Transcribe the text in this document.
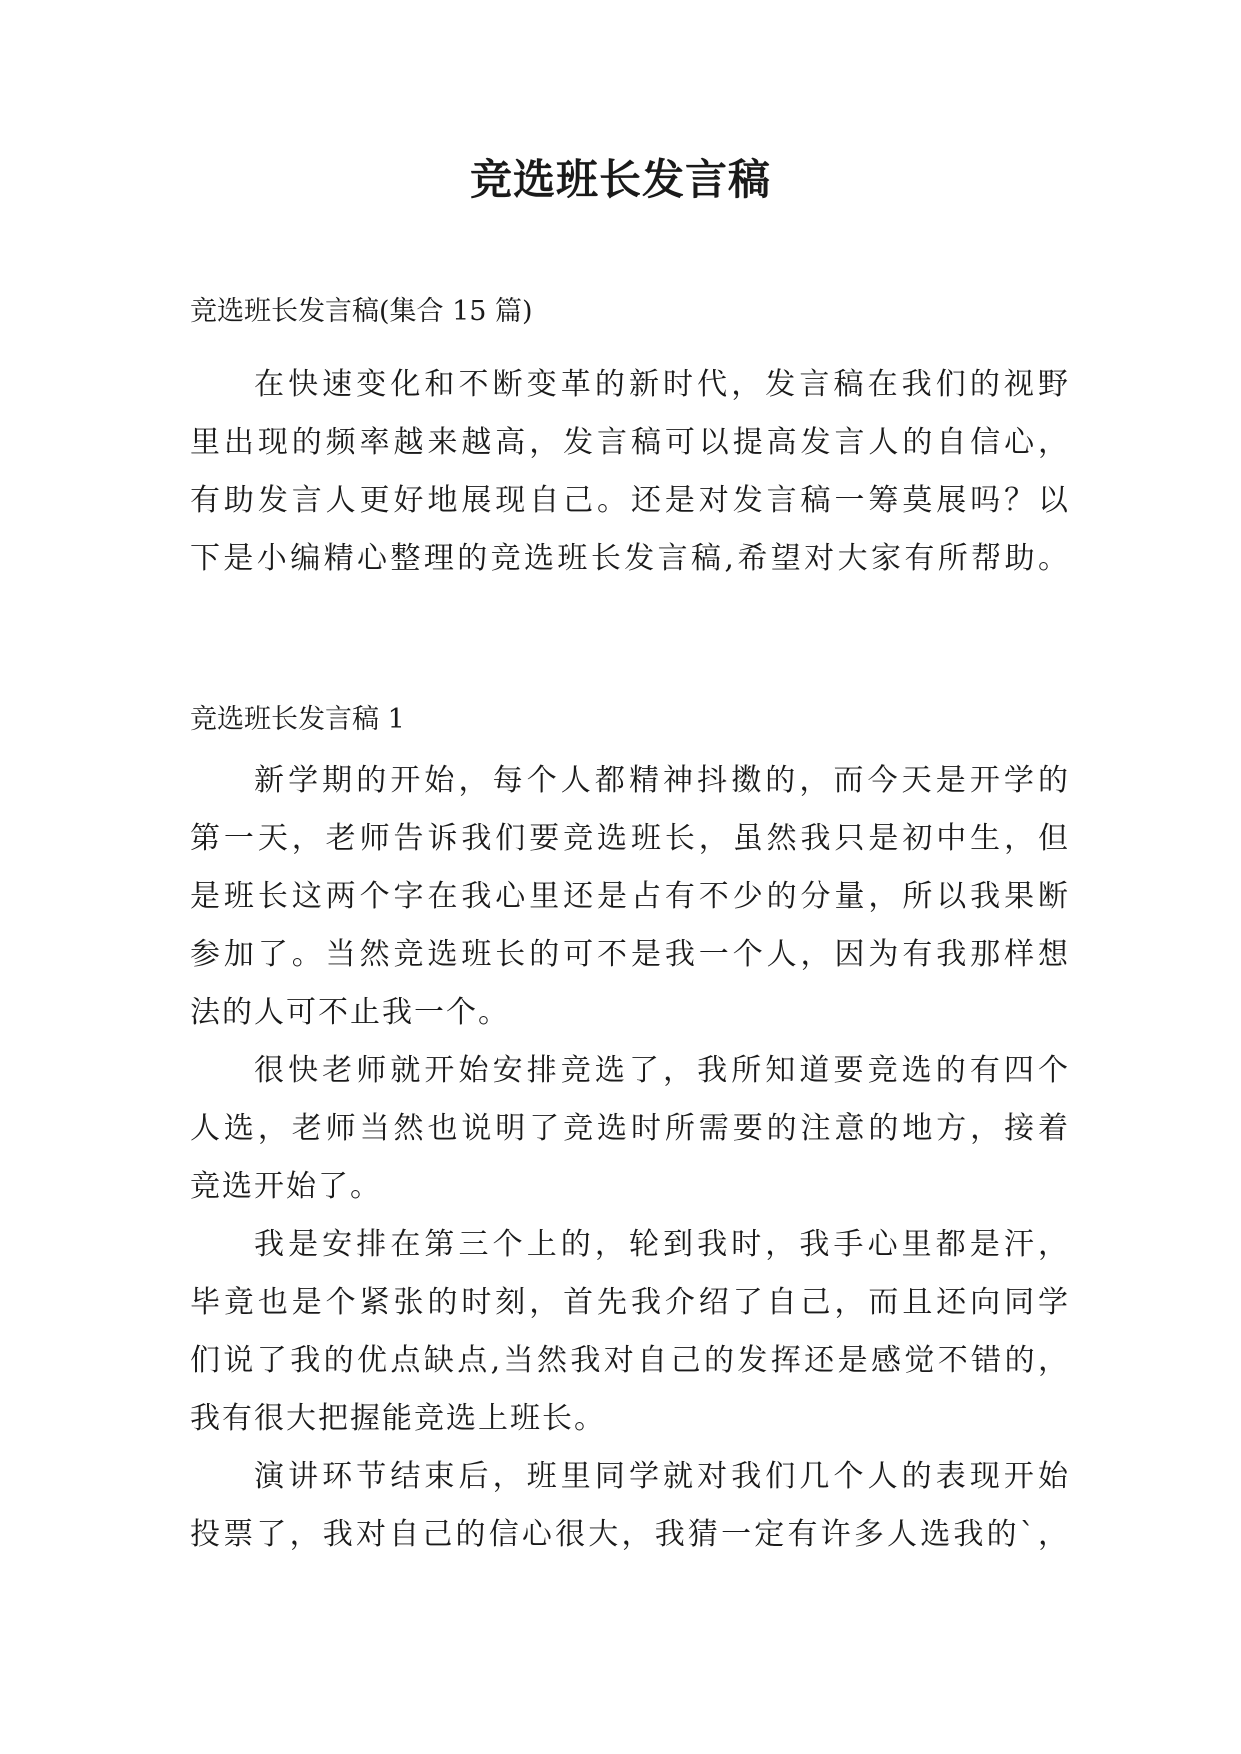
竞选班长发言稿

竞选班长发言稿(集合 15 篇)

在快速变化和不断变革的新时代，发言稿在我们的视野
里出现的频率越来越高，发言稿可以提高发言人的自信心，
有助发言人更好地展现自己。还是对发言稿一筹莫展吗？以
下是小编精心整理的竞选班长发言稿,希望对大家有所帮助。

竞选班长发言稿 1

新学期的开始，每个人都精神抖擞的，而今天是开学的
第一天，老师告诉我们要竞选班长，虽然我只是初中生，但
是班长这两个字在我心里还是占有不少的分量，所以我果断
参加了。当然竞选班长的可不是我一个人，因为有我那样想
法的人可不止我一个。
很快老师就开始安排竞选了，我所知道要竞选的有四个
人选，老师当然也说明了竞选时所需要的注意的地方，接着
竞选开始了。
我是安排在第三个上的，轮到我时，我手心里都是汗，
毕竟也是个紧张的时刻，首先我介绍了自己，而且还向同学
们说了我的优点缺点,当然我对自己的发挥还是感觉不错的，
我有很大把握能竞选上班长。
演讲环节结束后，班里同学就对我们几个人的表现开始
投票了，我对自己的信心很大，我猜一定有许多人选我的`，
